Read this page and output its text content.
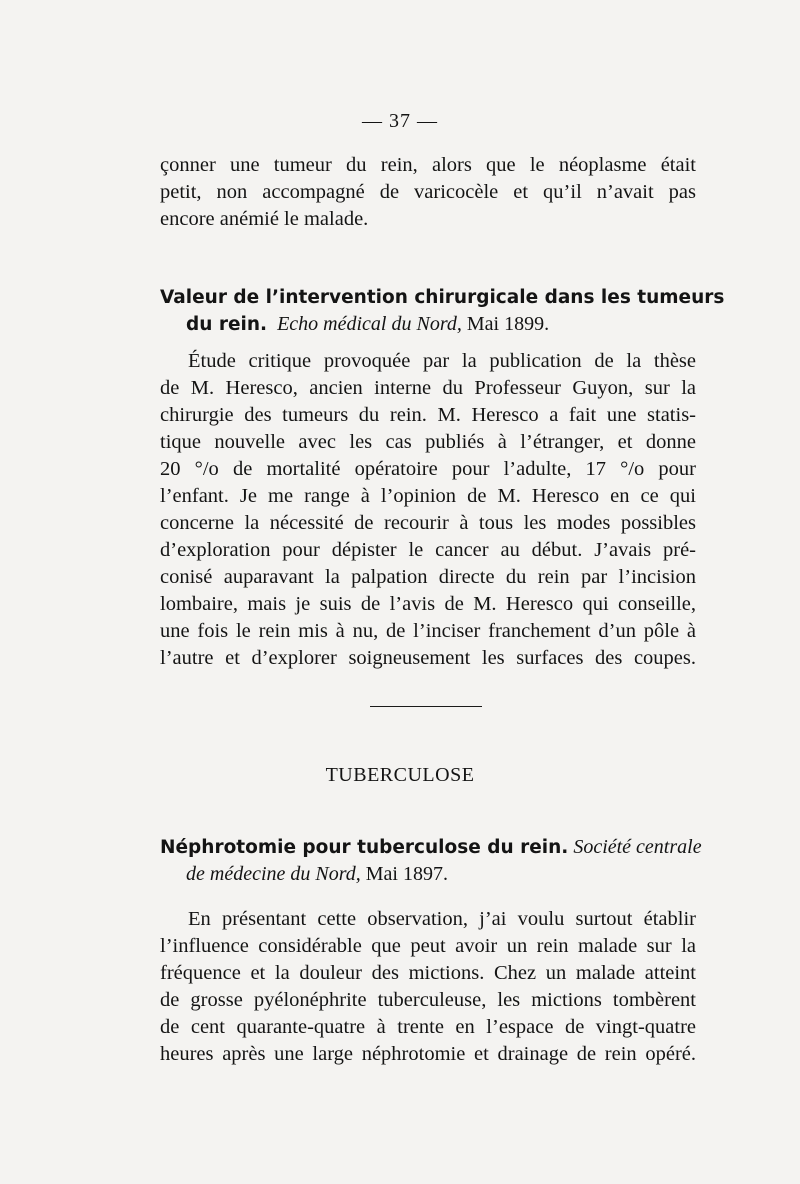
— 37 —
çonner une tumeur du rein, alors que le néoplasme était
petit, non accompagné de varicocèle et qu’il n’avait pas
encore anémié le malade.
Valeur de l’intervention chirurgicale dans les tumeurs
du rein. Echo médical du Nord, Mai 1899.
Étude critique provoquée par la publication de la thèse
de M. Heresco, ancien interne du Professeur Guyon, sur la
chirurgie des tumeurs du rein. M. Heresco a fait une statis-
tique nouvelle avec les cas publiés à l’étranger, et donne
20 °/o de mortalité opératoire pour l’adulte, 17 °/o pour
l’enfant. Je me range à l’opinion de M. Heresco en ce qui
concerne la nécessité de recourir à tous les modes possibles
d’exploration pour dépister le cancer au début. J’avais pré-
conisé auparavant la palpation directe du rein par l’incision
lombaire, mais je suis de l’avis de M. Heresco qui conseille,
une fois le rein mis à nu, de l’inciser franchement d’un pôle à
l’autre et d’explorer soigneusement les surfaces des coupes.
TUBERCULOSE
Néphrotomie pour tuberculose du rein. Société centrale
de médecine du Nord, Mai 1897.
En présentant cette observation, j’ai voulu surtout établir
l’influence considérable que peut avoir un rein malade sur la
fréquence et la douleur des mictions. Chez un malade atteint
de grosse pyélonéphrite tuberculeuse, les mictions tombèrent
de cent quarante-quatre à trente en l’espace de vingt-quatre
heures après une large néphrotomie et drainage de rein opéré.
